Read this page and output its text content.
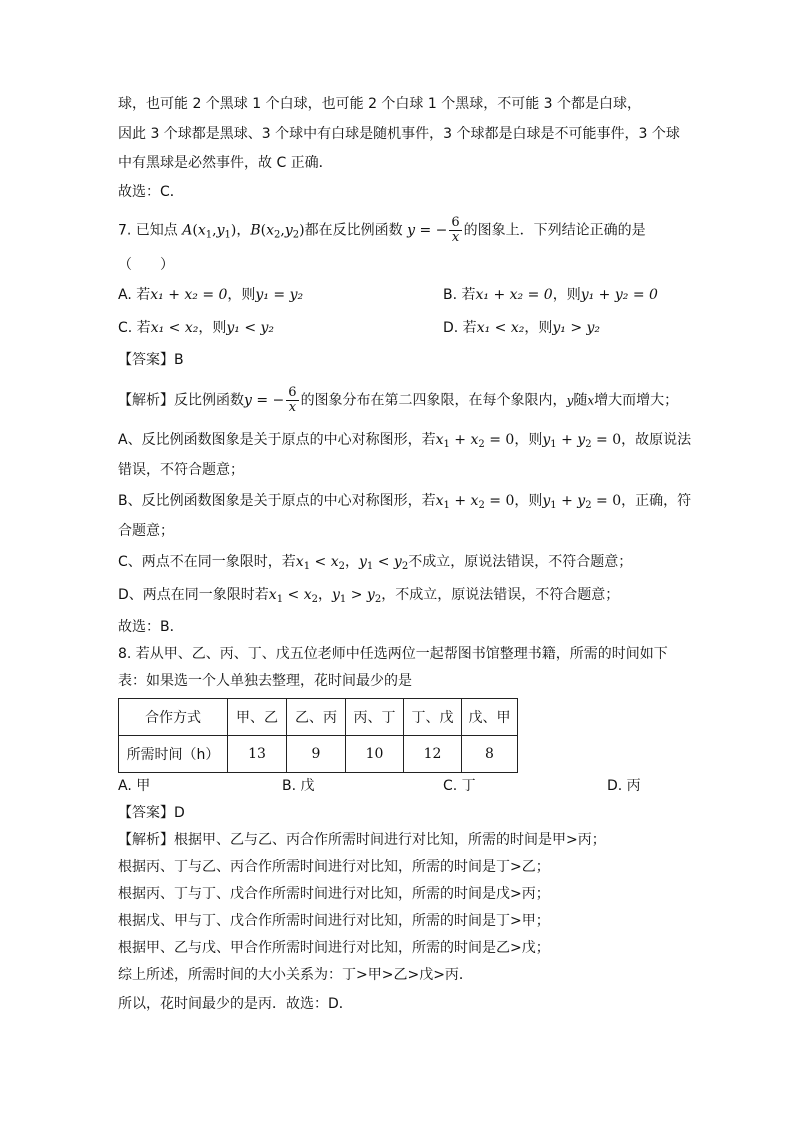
球，也可能 2 个黑球 1 个白球，也可能 2 个白球 1 个黑球，不可能 3 个都是白球，
因此 3 个球都是黑球、3 个球中有白球是随机事件，3 个球都是白球是不可能事件，3 个球
中有黑球是必然事件，故 C 正确．
故选：C．
7. 已知点 $A(x_1,y_1)$，$B(x_2,y_2)$都在反比例函数 y = − $\frac{6}{x}$ 的图象上．下列结论正确的是
（　　）
A. 若x₁ + x₂ = 0，则y₁ = y₂	B. 若x₁ + x₂ = 0，则y₁ + y₂ = 0
C. 若x₁ < x₂，则y₁ < y₂	D. 若x₁ < x₂，则y₁ > y₂
【答案】B
【解析】反比例函数y = − $\frac{6}{x}$ 的图象分布在第二四象限，在每个象限内，y随x增大而增大；
A、反比例函数图象是关于原点的中心对称图形，若$x_1 + x_2 = 0$，则$y_1 + y_2 = 0$，故原说法
错误，不符合题意；
B、反比例函数图象是关于原点的中心对称图形，若$x_1 + x_2 = 0$，则$y_1 + y_2 = 0$，正确，符
合题意；
C、两点不在同一象限时，若$x_1 < x_2$，$y_1 < y_2$不成立，原说法错误，不符合题意；
D、两点在同一象限时若$x_1 < x_2$，$y_1 > y_2$，不成立，原说法错误，不符合题意；
故选：B．
8. 若从甲、乙、丙、丁、戊五位老师中任选两位一起帮图书馆整理书籍，所需的时间如下
表：如果选一个人单独去整理，花时间最少的是
合作方式	甲、乙	乙、丙	丙、丁	丁、戊	戊、甲
所需时间（h）	13	9	10	12	8
A. 甲	B. 戊	C. 丁	D. 丙
【答案】D
【解析】根据甲、乙与乙、丙合作所需时间进行对比知，所需的时间是甲>丙；
根据丙、丁与乙、丙合作所需时间进行对比知，所需的时间是丁>乙；
根据丙、丁与丁、戊合作所需时间进行对比知，所需的时间是戊>丙；
根据戊、甲与丁、戊合作所需时间进行对比知，所需的时间是丁>甲；
根据甲、乙与戊、甲合作所需时间进行对比知，所需的时间是乙>戊；
综上所述，所需时间的大小关系为：丁>甲>乙>戊>丙．
所以，花时间最少的是丙．故选：D．
